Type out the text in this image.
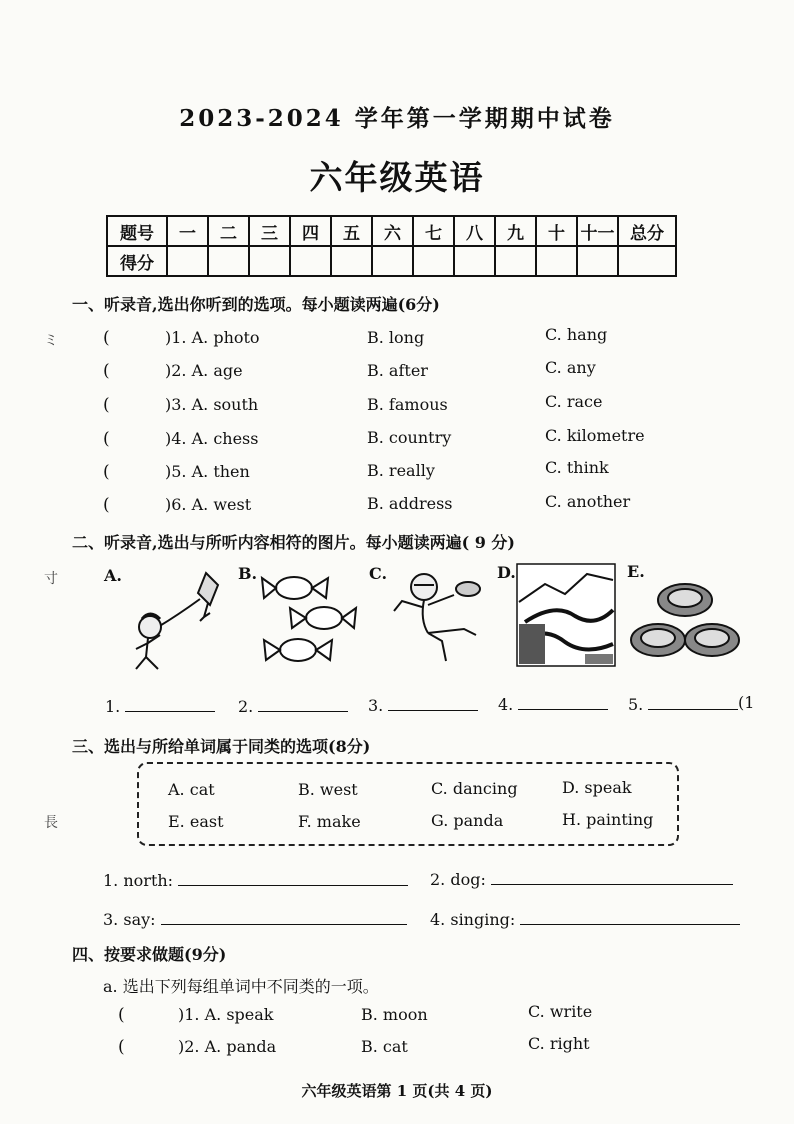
2023-2024 学年第一学期期中试卷
六年级英语
ミ
寸
長
题号	一	二	三	四	五	六	七	八	九	十	十一	总分
得分												
一、听录音,选出你听到的选项。每小题读两遍(6分)
(	)1. A. photo	B. long	C. hang
(	)2. A. age	B. after	C. any
(	)3. A. south	B. famous	C. race
(	)4. A. chess	B. country	C. kilometre
(	)5. A. then	B. really	C. think
(	)6. A. west	B. address	C. another
二、听录音,选出与所听内容相符的图片。每小题读两遍( 9 分)
A.	B.	C.	D.	E.
1.	2.	3.	4.	5.	(1
三、选出与所给单词属于同类的选项(8分)
A. cat	B. west	C. dancing	D. speak
E. east	F. make	G. panda	H. painting
1. north:	2. dog:
3. say:	4. singing:
四、按要求做题(9分)
a. 选出下列每组单词中不同类的一项。
(	)1. A. speak	B. moon	C. write
(	)2. A. panda	B. cat	C. right
六年级英语第 1 页(共 4 页)
